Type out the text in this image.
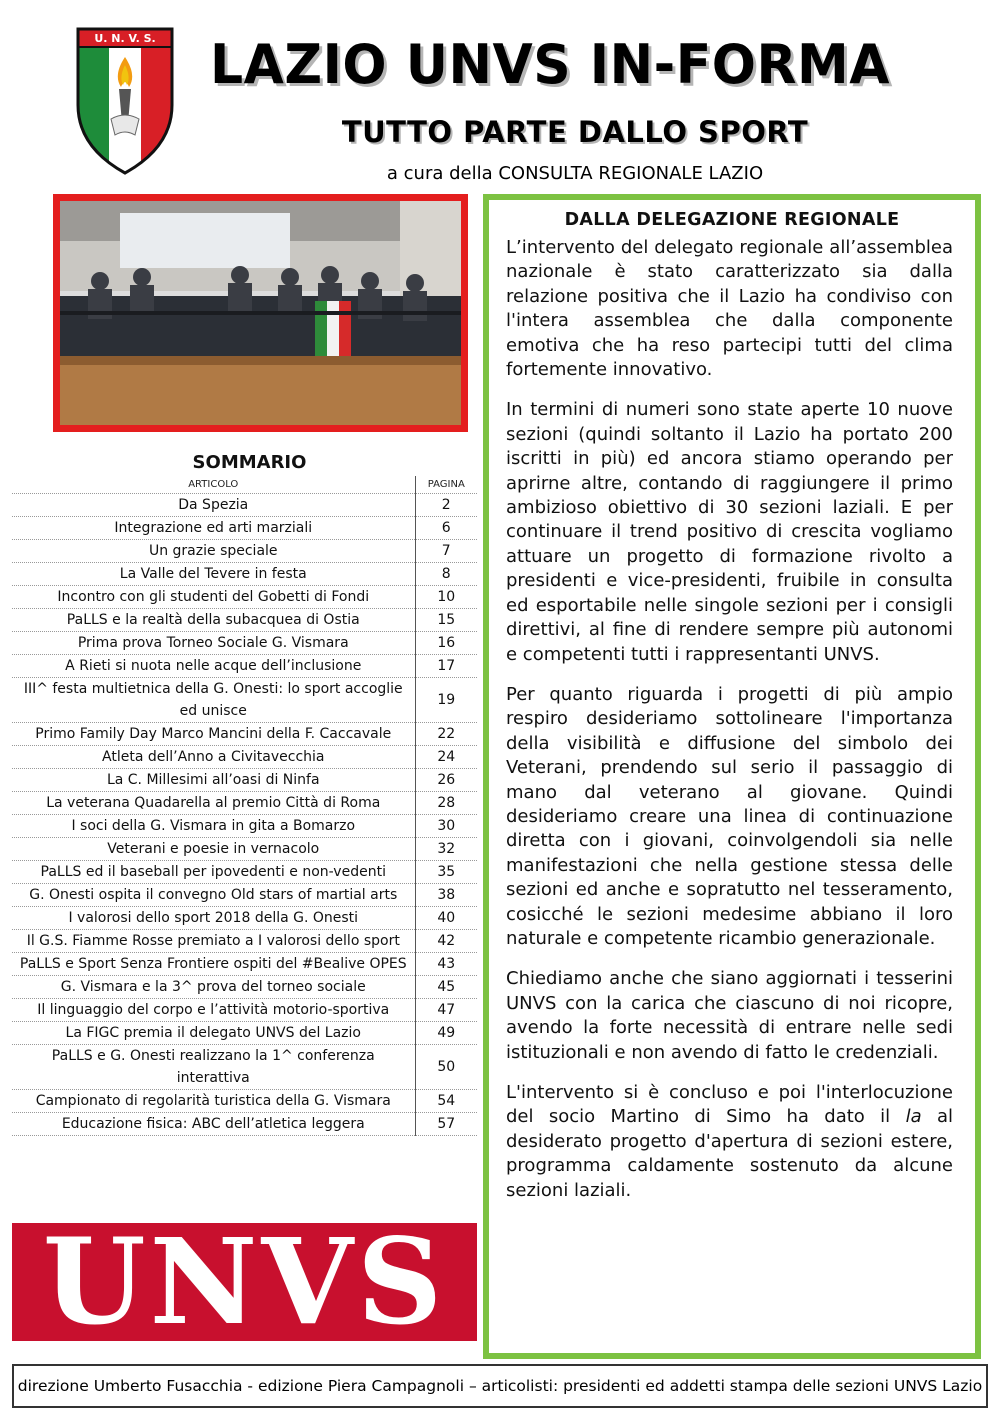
U. N. V. S. LAZIO UNVS IN-FORMA
TUTTO PARTE DALLO SPORT
a cura della CONSULTA REGIONALE LAZIO
SOMMARIO
ARTICOLO	PAGINA
Da Spezia	2
Integrazione ed arti marziali	6
Un grazie speciale	7
La Valle del Tevere in festa	8
Incontro con gli studenti del Gobetti di Fondi	10
PaLLS e la realtà della subacquea di Ostia	15
Prima prova Torneo Sociale G. Vismara	16
A Rieti si nuota nelle acque dell’inclusione	17
III^ festa multietnica della G. Onesti: lo sport accoglie ed unisce	19
Primo Family Day Marco Mancini della F. Caccavale	22
Atleta dell’Anno a Civitavecchia	24
La C. Millesimi all’oasi di Ninfa	26
La veterana Quadarella al premio Città di Roma	28
I soci della G. Vismara in gita a Bomarzo	30
Veterani e poesie in vernacolo	32
PaLLS ed il baseball per ipovedenti e non-vedenti	35
G. Onesti ospita il convegno Old stars of martial arts	38
I valorosi dello sport 2018 della G. Onesti	40
Il G.S. Fiamme Rosse premiato a I valorosi dello sport	42
PaLLS e Sport Senza Frontiere ospiti del #Bealive OPES	43
G. Vismara e la 3^ prova del torneo sociale	45
Il linguaggio del corpo e l’attività motorio-sportiva	47
La FIGC premia il delegato UNVS del Lazio	49
PaLLS e G. Onesti realizzano la 1^ conferenza interattiva	50
Campionato di regolarità turistica della G. Vismara	54
Educazione fisica: ABC dell’atletica leggera	57
UNVS
DALLA DELEGAZIONE REGIONALE

L’intervento del delegato regionale all’assemblea nazionale è stato caratterizzato sia dalla relazione positiva che il Lazio ha condiviso con l'intera assemblea che dalla componente emotiva che ha reso partecipi tutti del clima fortemente innovativo.

In termini di numeri sono state aperte 10 nuove sezioni (quindi soltanto il Lazio ha portato 200 iscritti in più) ed ancora stiamo operando per aprirne altre, contando di raggiungere il primo ambizioso obiettivo di 30 sezioni laziali. E per continuare il trend positivo di crescita vogliamo attuare un progetto di formazione rivolto a presidenti e vice-presidenti, fruibile in consulta ed esportabile nelle singole sezioni per i consigli direttivi, al fine di rendere sempre più autonomi e competenti tutti i rappresentanti UNVS.

Per quanto riguarda i progetti di più ampio respiro desideriamo sottolineare l'importanza della visibilità e diffusione del simbolo dei Veterani, prendendo sul serio il passaggio di mano dal veterano al giovane. Quindi desideriamo creare una linea di continuazione diretta con i giovani, coinvolgendoli sia nelle manifestazioni che nella gestione stessa delle sezioni ed anche e sopratutto nel tesseramento, cosicché le sezioni medesime abbiano il loro naturale e competente ricambio generazionale.

Chiediamo anche che siano aggiornati i tesserini UNVS con la carica che ciascuno di noi ricopre, avendo la forte necessità di entrare nelle sedi istituzionali e non avendo di fatto le credenziali.

L'intervento si è concluso e poi l'interlocuzione del socio Martino di Simo ha dato il la al desiderato progetto d'apertura di sezioni estere, programma caldamente sostenuto da alcune sezioni laziali.

direzione Umberto Fusacchia - edizione Piera Campagnoli – articolisti: presidenti ed addetti stampa delle sezioni UNVS Lazio
